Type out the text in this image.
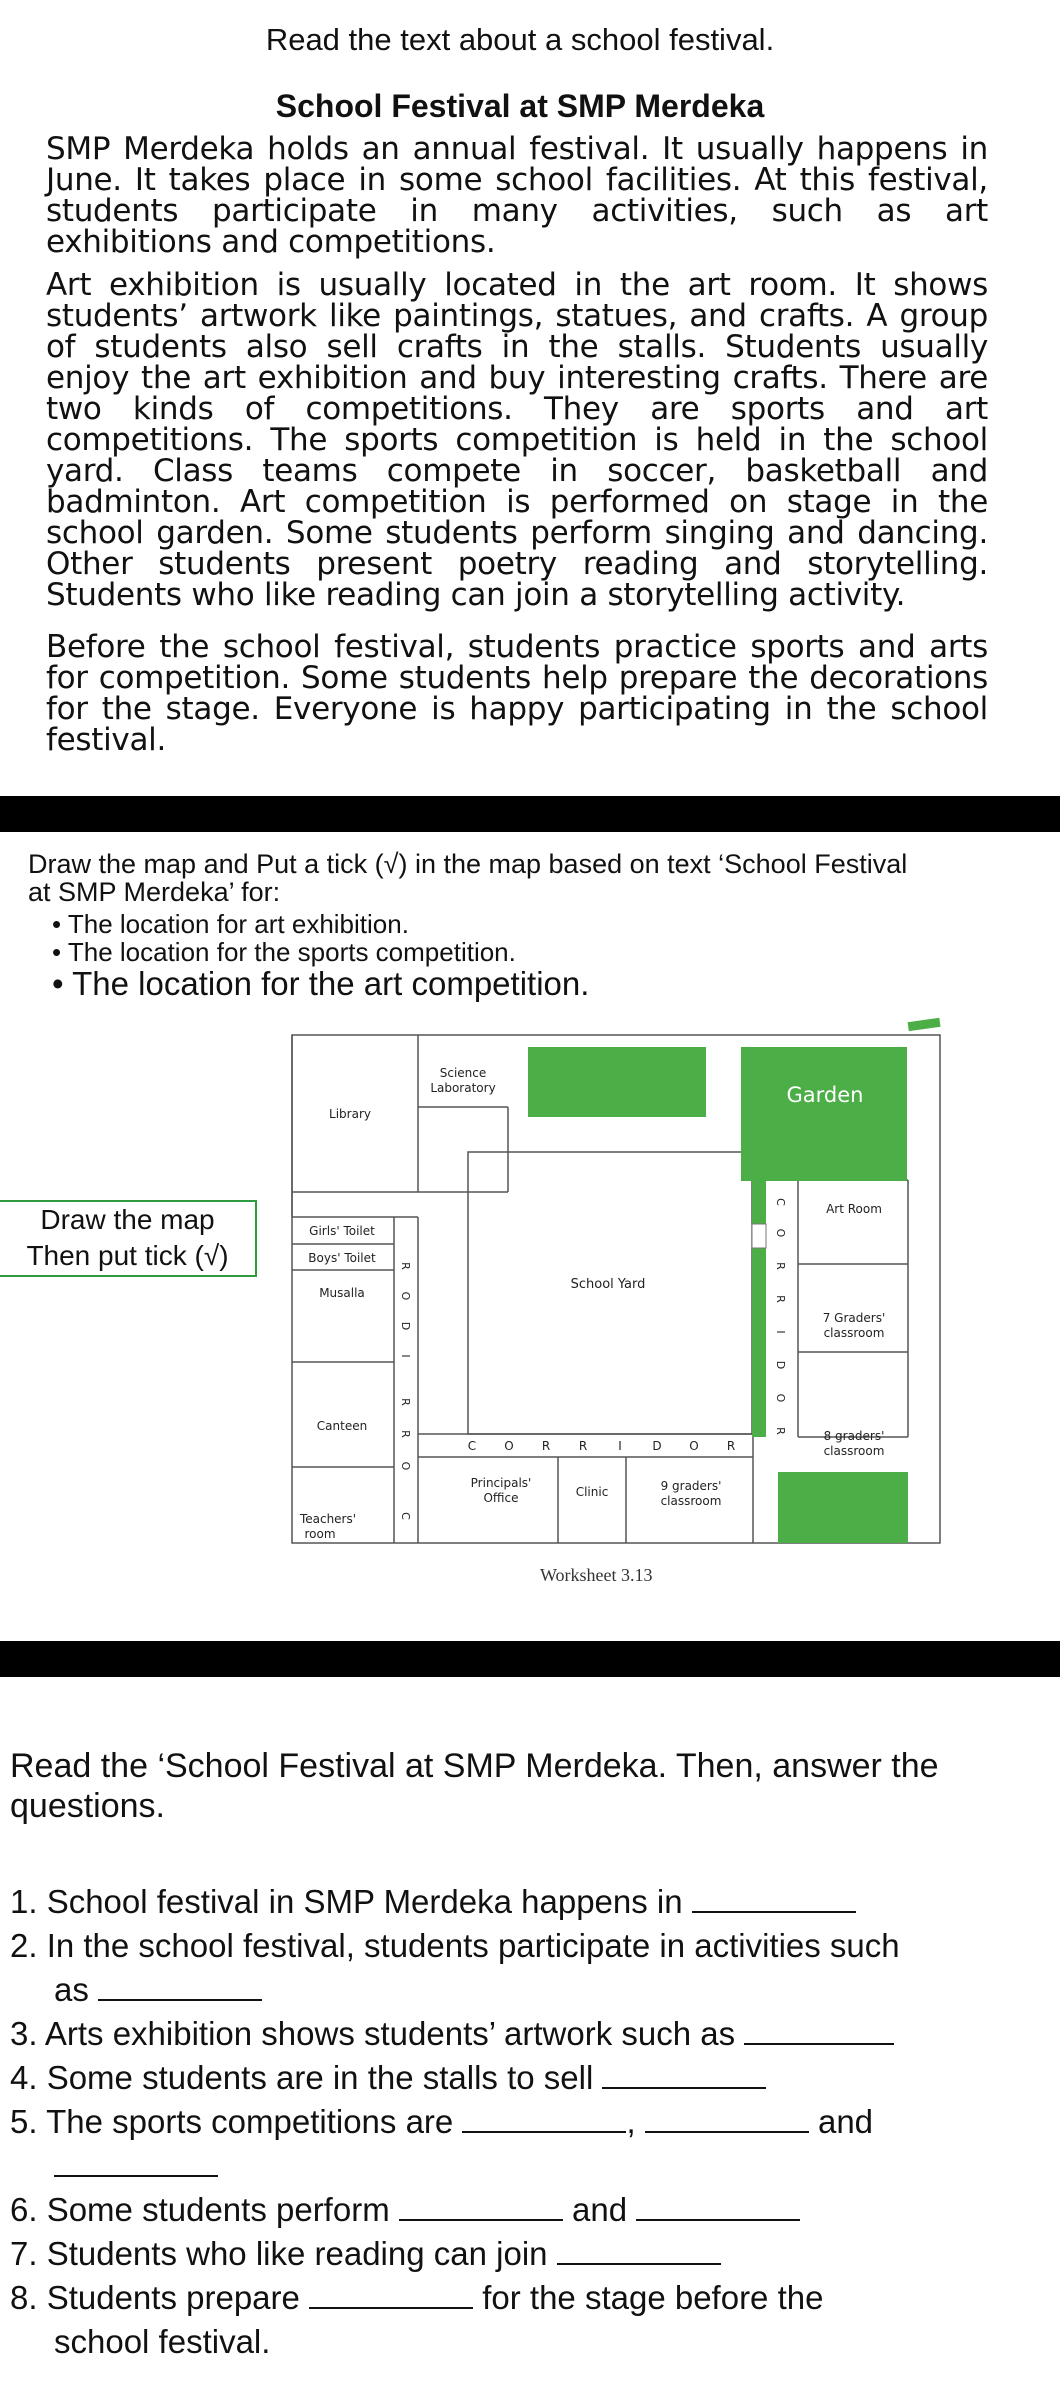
Read the text about a school festival.
School Festival at SMP Merdeka

SMP Merdeka holds an annual festival. It usually happens in June. It takes place in some school facilities. At this festival, students participate in many activities, such as art exhibitions and competitions.

Art exhibition is usually located in the art room. It shows students’ artwork like paintings, statues, and crafts. A group of students also sell crafts in the stalls. Students usually enjoy the art exhibition and buy interesting crafts. There are two kinds of competitions. They are sports and art competitions. The sports competition is held in the school yard. Class teams compete in soccer, basketball and badminton. Art competition is performed on stage in the school garden. Some students perform singing and dancing. Other students present poetry reading and storytelling. Students who like reading can join a storytelling activity.

Before the school festival, students practice sports and arts for competition. Some students help prepare the decorations for the stage. Everyone is happy participating in the school festival.

Draw the map and Put a tick (√) in the map based on text ‘School Festival at SMP Merdeka’ for:
• The location for art exhibition.
• The location for the sports competition.
• The location for the art competition.
Draw the map
Then put tick (√)
Science
Laboratory
Library
Garden
Art Room
Girls' Toilet
Boys' Toilet
Musalla
Canteen
Teachers'
room
School Yard
7 Graders'
classroom
8 graders'
classroom
Principals'
Office	Clinic	9 graders'
classroom
C O R R	I	D O R
R
O
D
I
R
R
O
C
C
O
R
R
I
D
O
R
Worksheet 3.13
Read the ‘School Festival at SMP Merdeka. Then, answer the questions.
1. School festival in SMP Merdeka happens in
2. In the school festival, students participate in activities such
as
3. Arts exhibition shows students’ artwork such as
4. Some students are in the stalls to sell
5. The sports competitions are	,	and
6. Some students perform	and
7. Students who like reading can join
8. Students prepare	for the stage before the
school festival.
